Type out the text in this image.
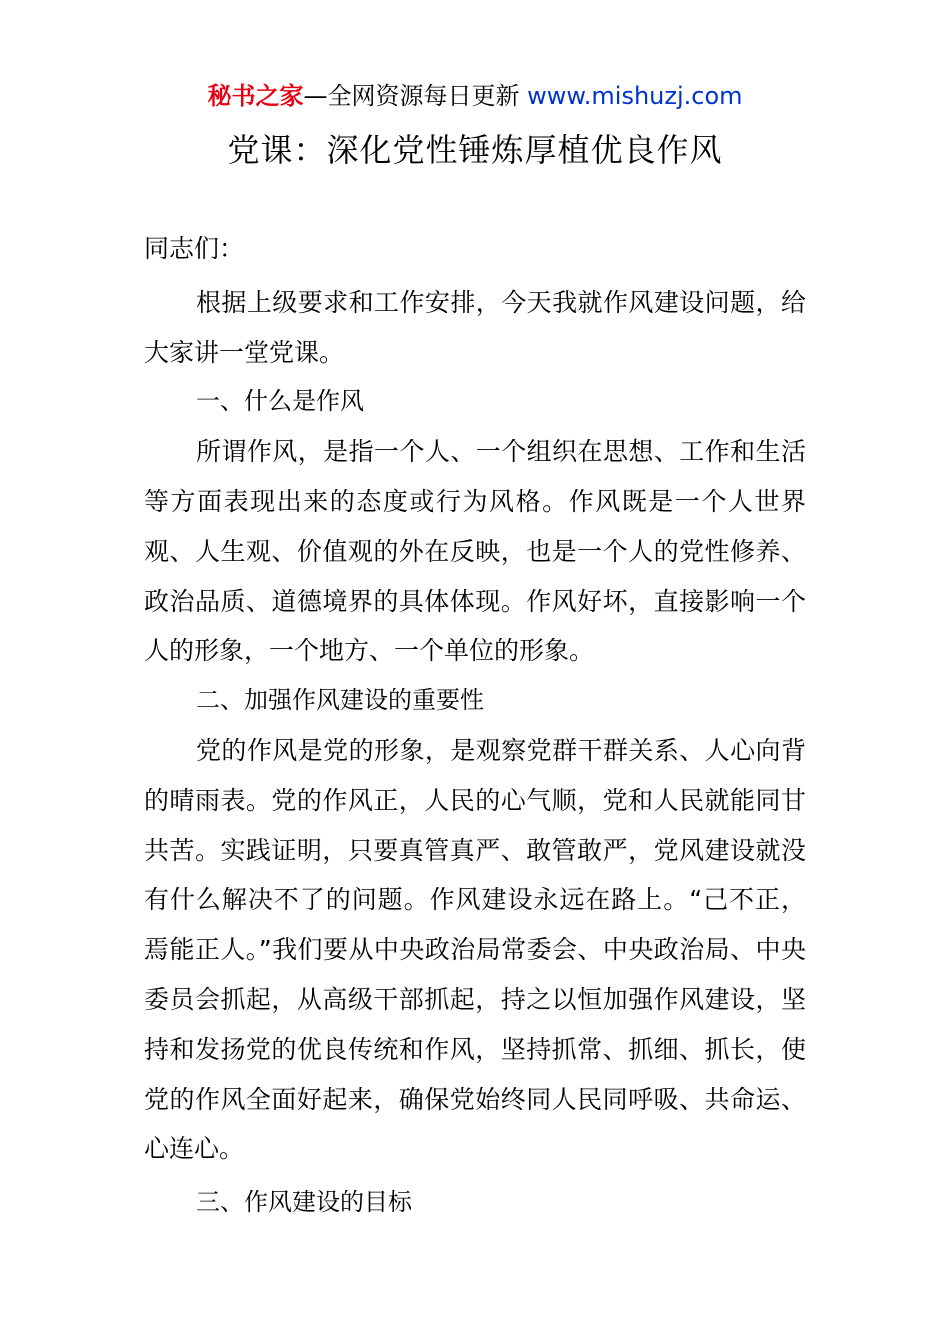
秘书之家—全网资源每日更新 www.mishuzj.com
党课：深化党性锤炼厚植优良作风

同志们：

根据上级要求和工作安排，今天我就作风建设问题，给大家讲一堂党课。

一、什么是作风

所谓作风，是指一个人、一个组织在思想、工作和生活等方面表现出来的态度或行为风格。作风既是一个人世界观、人生观、价值观的外在反映，也是一个人的党性修养、政治品质、道德境界的具体体现。作风好坏，直接影响一个人的形象，一个地方、一个单位的形象。

二、加强作风建设的重要性

党的作风是党的形象，是观察党群干群关系、人心向背的晴雨表。党的作风正，人民的心气顺，党和人民就能同甘共苦。实践证明，只要真管真严、敢管敢严，党风建设就没有什么解决不了的问题。作风建设永远在路上。“己不正，焉能正人。”我们要从中央政治局常委会、中央政治局、中央委员会抓起，从高级干部抓起，持之以恒加强作风建设，坚持和发扬党的优良传统和作风，坚持抓常、抓细、抓长，使党的作风全面好起来，确保党始终同人民同呼吸、共命运、心连心。

三、作风建设的目标
